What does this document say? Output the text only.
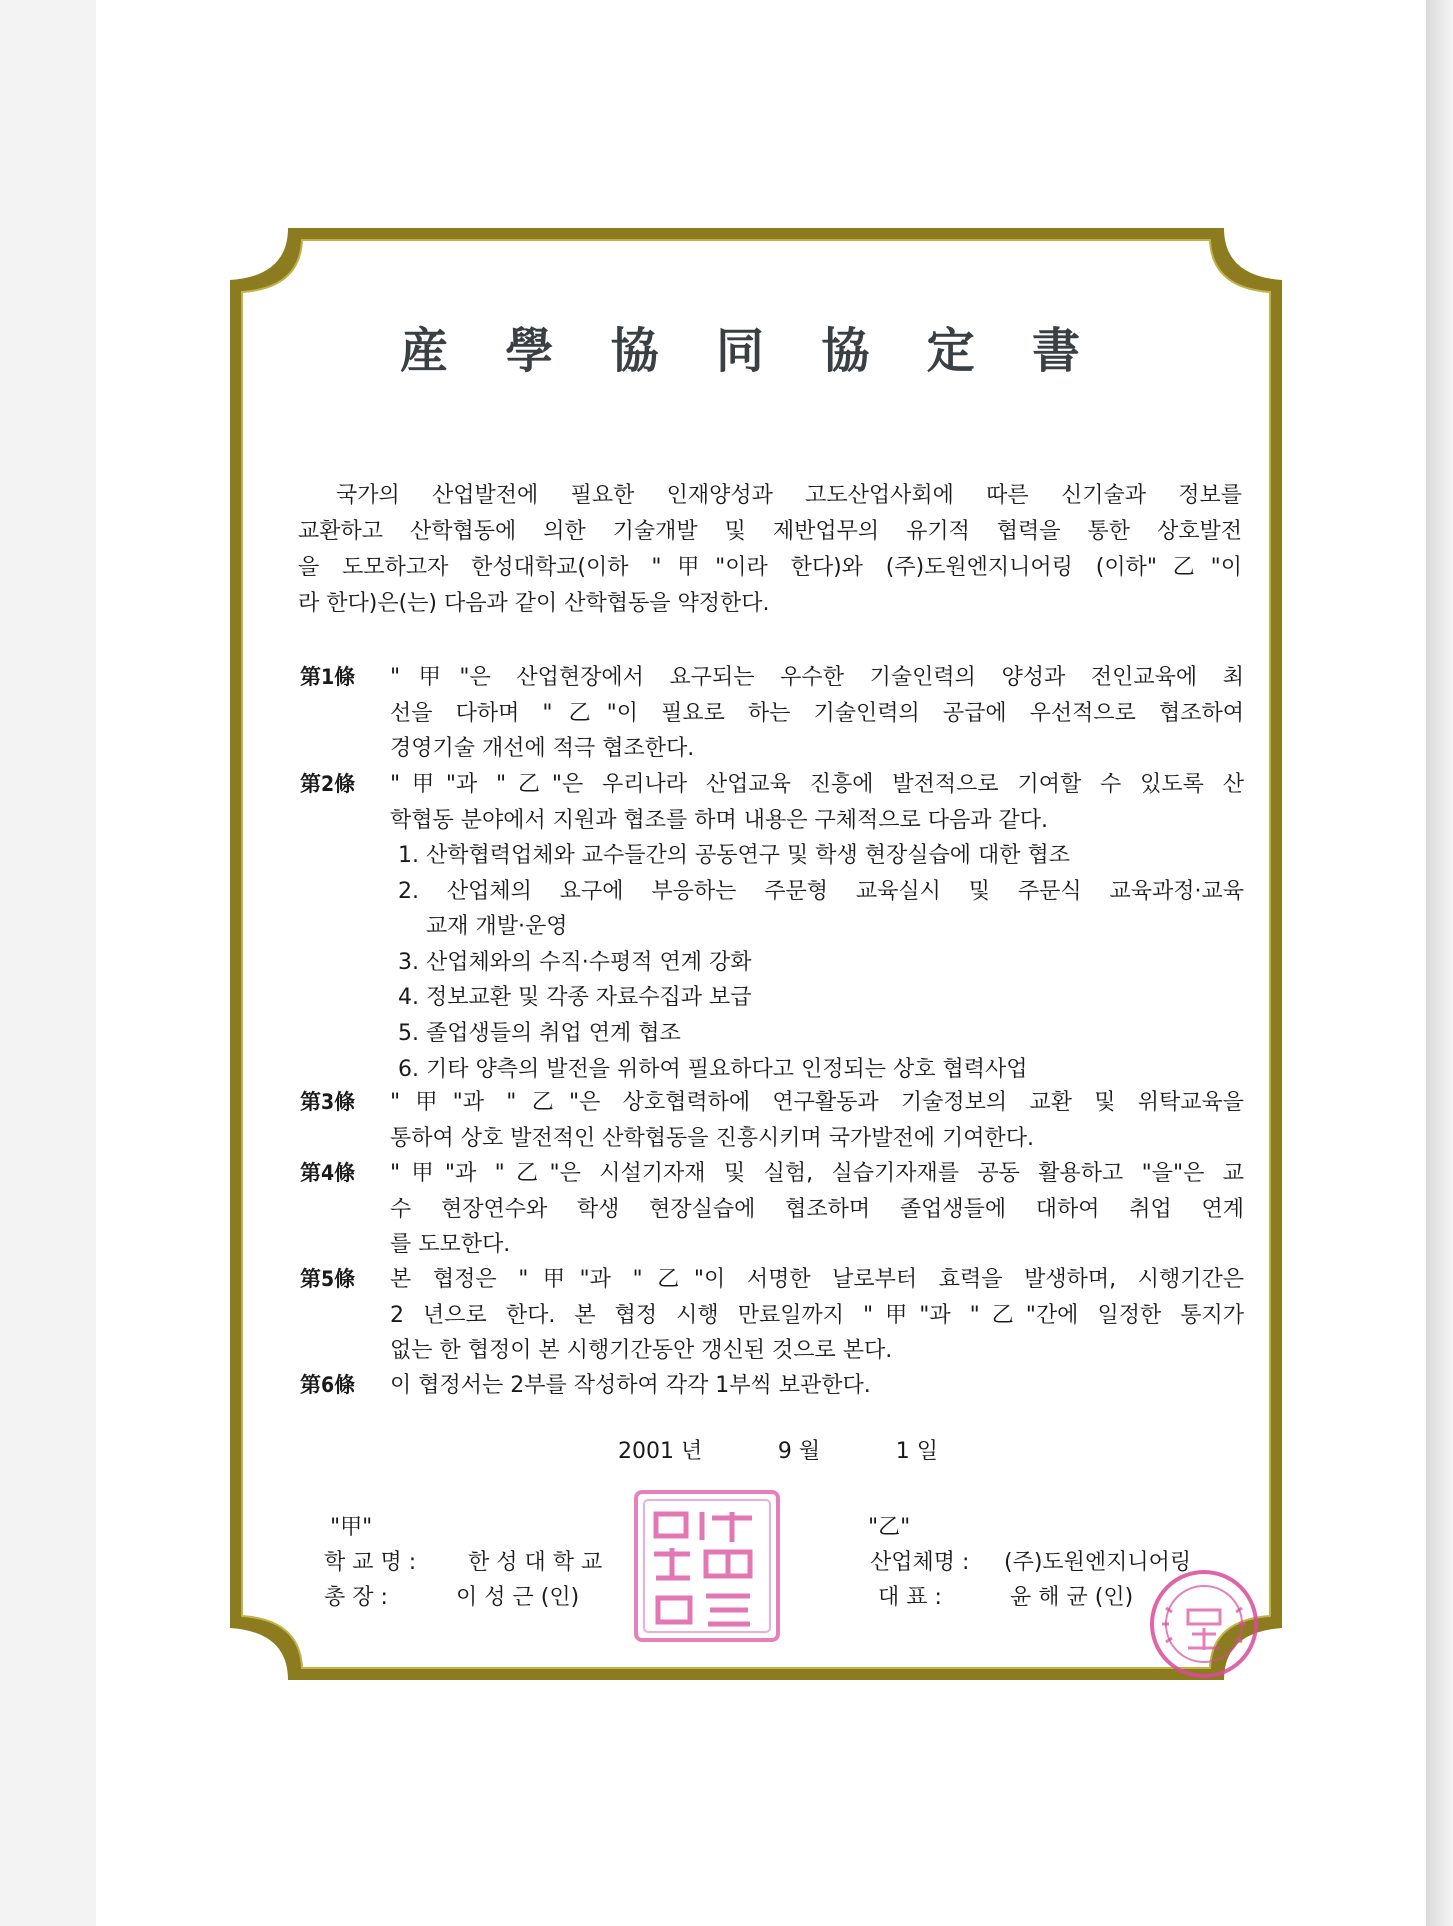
産 學 協 同 協 定 書
국가의 산업발전에 필요한 인재양성과 고도산업사회에 따른 신기술과 정보를
교환하고 산학협동에 의한 기술개발 및 제반업무의 유기적 협력을 통한 상호발전
을 도모하고자 한성대학교(이하 "甲"이라 한다)와 (주)도원엔지니어링 (이하"乙"이
라 한다)은(는) 다음과 같이 산학협동을 약정한다.
第1條	"甲"은 산업현장에서 요구되는 우수한 기술인력의 양성과 전인교육에 최
선을 다하며 "乙"이 필요로 하는 기술인력의 공급에 우선적으로 협조하여
경영기술 개선에 적극 협조한다.
第2條	"甲"과 "乙"은 우리나라 산업교육 진흥에 발전적으로 기여할 수 있도록 산
학협동 분야에서 지원과 협조를 하며 내용은 구체적으로 다음과 같다.
1. 산학협력업체와 교수들간의 공동연구 및 학생 현장실습에 대한 협조
2. 산업체의 요구에 부응하는 주문형 교육실시 및 주문식 교육과정·교육
교재 개발·운영
3. 산업체와의 수직·수평적 연계 강화
4. 정보교환 및 각종 자료수집과 보급
5. 졸업생들의 취업 연계 협조
6. 기타 양측의 발전을 위하여 필요하다고 인정되는 상호 협력사업
第3條	"甲"과 "乙"은 상호협력하에 연구활동과 기술정보의 교환 및 위탁교육을
통하여 상호 발전적인 산학협동을 진흥시키며 국가발전에 기여한다.
第4條	"甲"과 "乙"은 시설기자재 및 실험, 실습기자재를 공동 활용하고 "을"은 교
수 현장연수와 학생 현장실습에 협조하며 졸업생들에 대하여 취업 연계
를 도모한다.
第5條	본 협정은 "甲"과 "乙"이 서명한 날로부터 효력을 발생하며, 시행기간은
2 년으로 한다. 본 협정 시행 만료일까지 "甲"과 "乙"간에 일정한 통지가
없는 한 협정이 본 시행기간동안 갱신된 것으로 본다.
第6條	이 협정서는 2부를 작성하여 각각 1부씩 보관한다.
2001 년	9 월	1 일
"甲"
학 교 명 :	한 성 대 학 교
총 장 :	이 성 근 (인)
"乙"
산업체명 : (주)도원엔지니어링
대 표 :	윤 해 균 (인)
